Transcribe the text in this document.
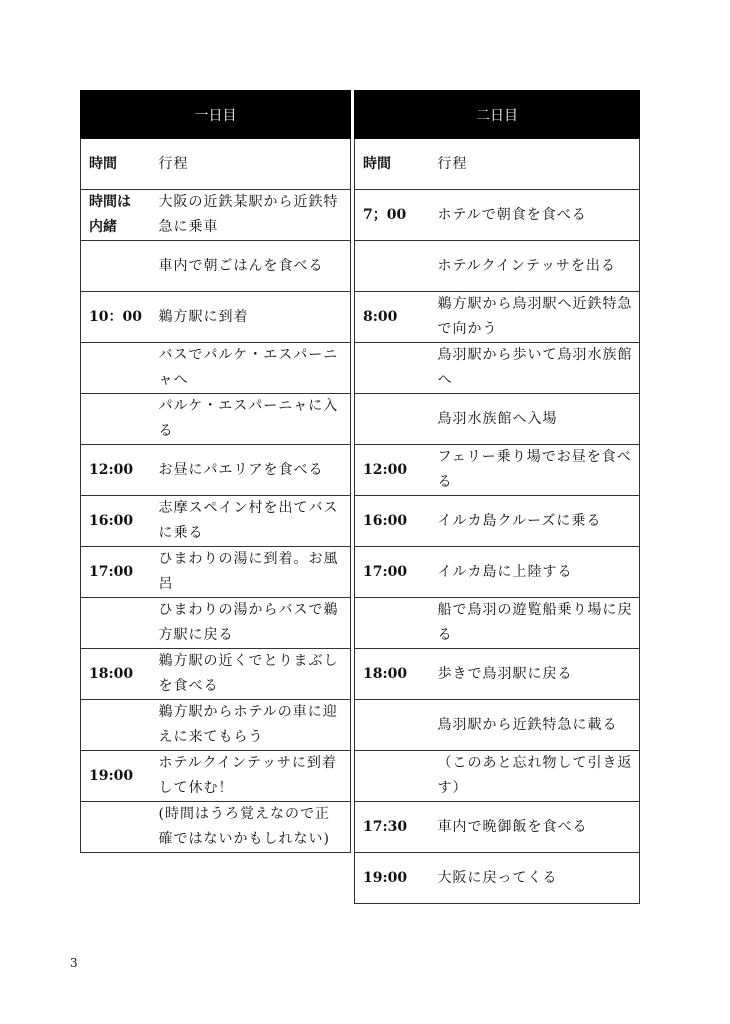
一日目	
時間	行程
時間は内緒	大阪の近鉄某駅から近鉄特急に乗車
	車内で朝ごはんを食べる
10：00	鵜方駅に到着
	バスでパルケ・エスパーニャへ
	パルケ・エスパーニャに入る
12:00	お昼にパエリアを食べる
16:00	志摩スペイン村を出てバスに乗る
17:00	ひまわりの湯に到着。お風呂
	ひまわりの湯からバスで鵜方駅に戻る
18:00	鵜方駅の近くでとりまぶしを食べる
	鵜方駅からホテルの車に迎えに来てもらう
19:00	ホテルクインテッサに到着して休む！
	(時間はうろ覚えなので正確ではないかもしれない)
二日目	
時間	行程
7；00	ホテルで朝食を食べる
	ホテルクインテッサを出る
8:00	鵜方駅から鳥羽駅へ近鉄特急で向かう
	鳥羽駅から歩いて鳥羽水族館へ
	鳥羽水族館へ入場
12:00	フェリー乗り場でお昼を食べる
16:00	イルカ島クルーズに乗る
17:00	イルカ島に上陸する
	船で鳥羽の遊覧船乗り場に戻る
18:00	歩きで鳥羽駅に戻る
	鳥羽駅から近鉄特急に載る
	（このあと忘れ物して引き返す）
17:30	車内で晩御飯を食べる
19:00	大阪に戻ってくる
3
